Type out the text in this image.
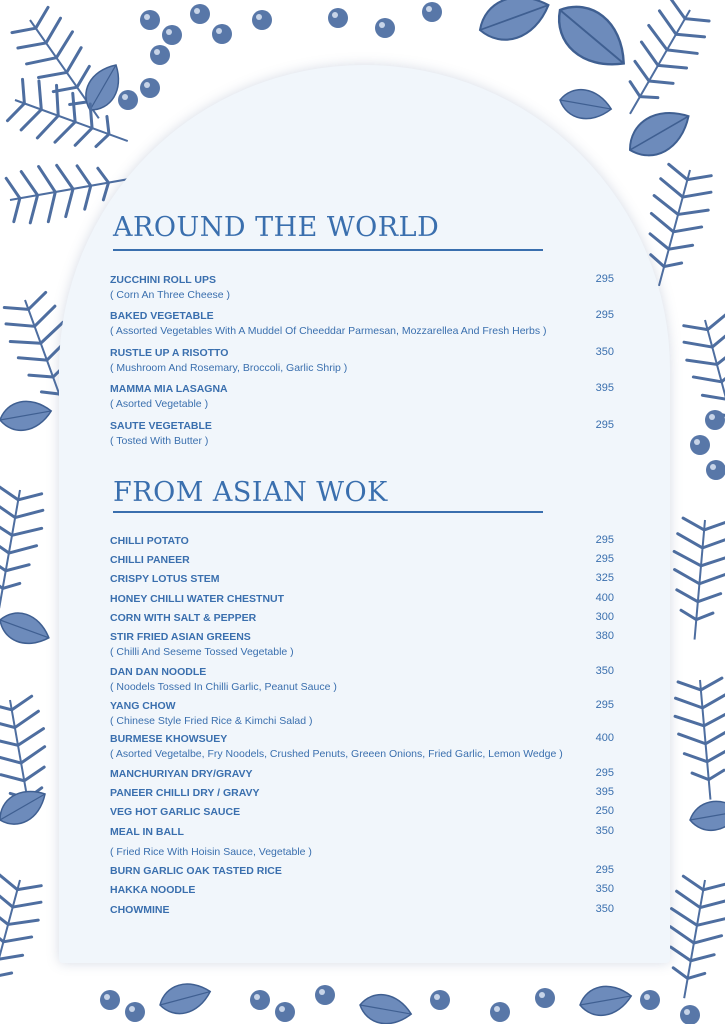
AROUND THE WORLD

ZUCCHINI ROLL UPS	295

( Corn An Three Cheese )

BAKED VEGETABLE	295

( Assorted Vegetables With A Muddel Of Cheeddar Parmesan, Mozzarellea And Fresh Herbs )

RUSTLE UP A RISOTTO	350

( Mushroom And Rosemary, Broccoli, Garlic Shrip )

MAMMA MIA LASAGNA	395

( Asorted Vegetable )

SAUTE VEGETABLE	295

( Tosted With Butter )

FROM ASIAN WOK

CHILLI POTATO	295

CHILLI PANEER	295

CRISPY LOTUS STEM	325

HONEY CHILLI WATER CHESTNUT	400

CORN WITH SALT & PEPPER	300

STIR FRIED ASIAN GREENS	380

( Chilli And Seseme Tossed Vegetable )

DAN DAN NOODLE	350

( Noodels Tossed In Chilli Garlic, Peanut Sauce )

YANG CHOW	295

( Chinese Style Fried Rice & Kimchi Salad )

BURMESE KHOWSUEY	400

( Asorted Vegetalbe, Fry Noodels, Crushed Penuts, Greeen Onions, Fried Garlic, Lemon Wedge )

MANCHURIYAN DRY/GRAVY	295

PANEER CHILLI DRY / GRAVY	395

VEG HOT GARLIC SAUCE	250

MEAL IN BALL	350

( Fried Rice With Hoisin Sauce, Vegetable )

BURN GARLIC OAK TASTED RICE	295

HAKKA NOODLE	350

CHOWMINE	350
